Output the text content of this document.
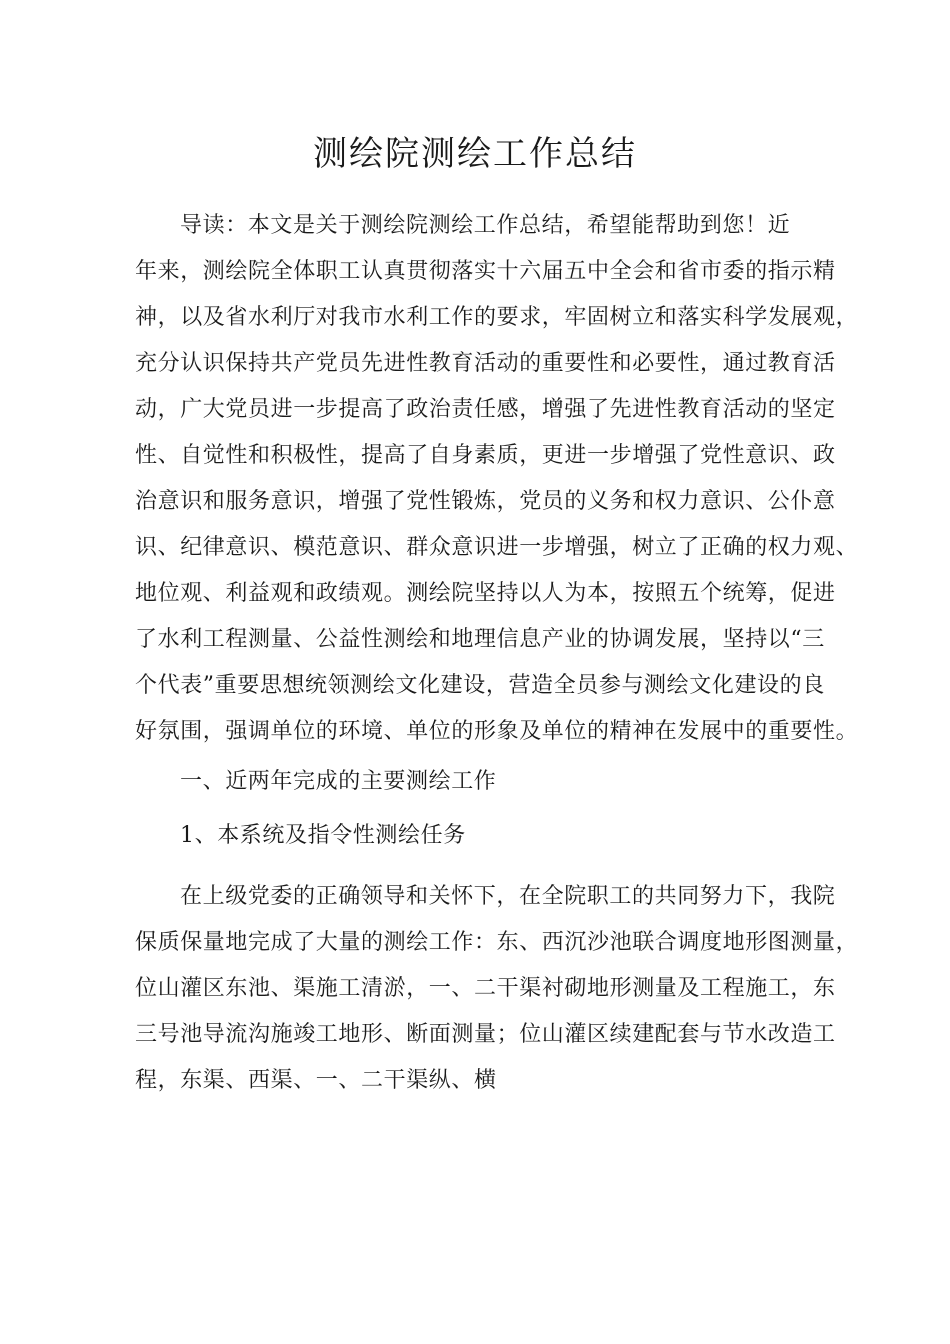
测绘院测绘工作总结
导读：本文是关于测绘院测绘工作总结，希望能帮助到您！近
年来，测绘院全体职工认真贯彻落实十六届五中全会和省市委的指示精
神，以及省水利厅对我市水利工作的要求，牢固树立和落实科学发展观，
充分认识保持共产党员先进性教育活动的重要性和必要性，通过教育活
动，广大党员进一步提高了政治责任感，增强了先进性教育活动的坚定
性、自觉性和积极性，提高了自身素质，更进一步增强了党性意识、政
治意识和服务意识，增强了党性锻炼，党员的义务和权力意识、公仆意
识、纪律意识、模范意识、群众意识进一步增强，树立了正确的权力观、
地位观、利益观和政绩观。测绘院坚持以人为本，按照五个统筹，促进
了水利工程测量、公益性测绘和地理信息产业的协调发展，坚持以“三
个代表”重要思想统领测绘文化建设，营造全员参与测绘文化建设的良
好氛围，强调单位的环境、单位的形象及单位的精神在发展中的重要性。
一、近两年完成的主要测绘工作
1、本系统及指令性测绘任务
在上级党委的正确领导和关怀下，在全院职工的共同努力下，我院
保质保量地完成了大量的测绘工作：东、西沉沙池联合调度地形图测量，
位山灌区东池、渠施工清淤，一、二干渠衬砌地形测量及工程施工，东
三号池导流沟施竣工地形、断面测量；位山灌区续建配套与节水改造工
程，东渠、西渠、一、二干渠纵、横
